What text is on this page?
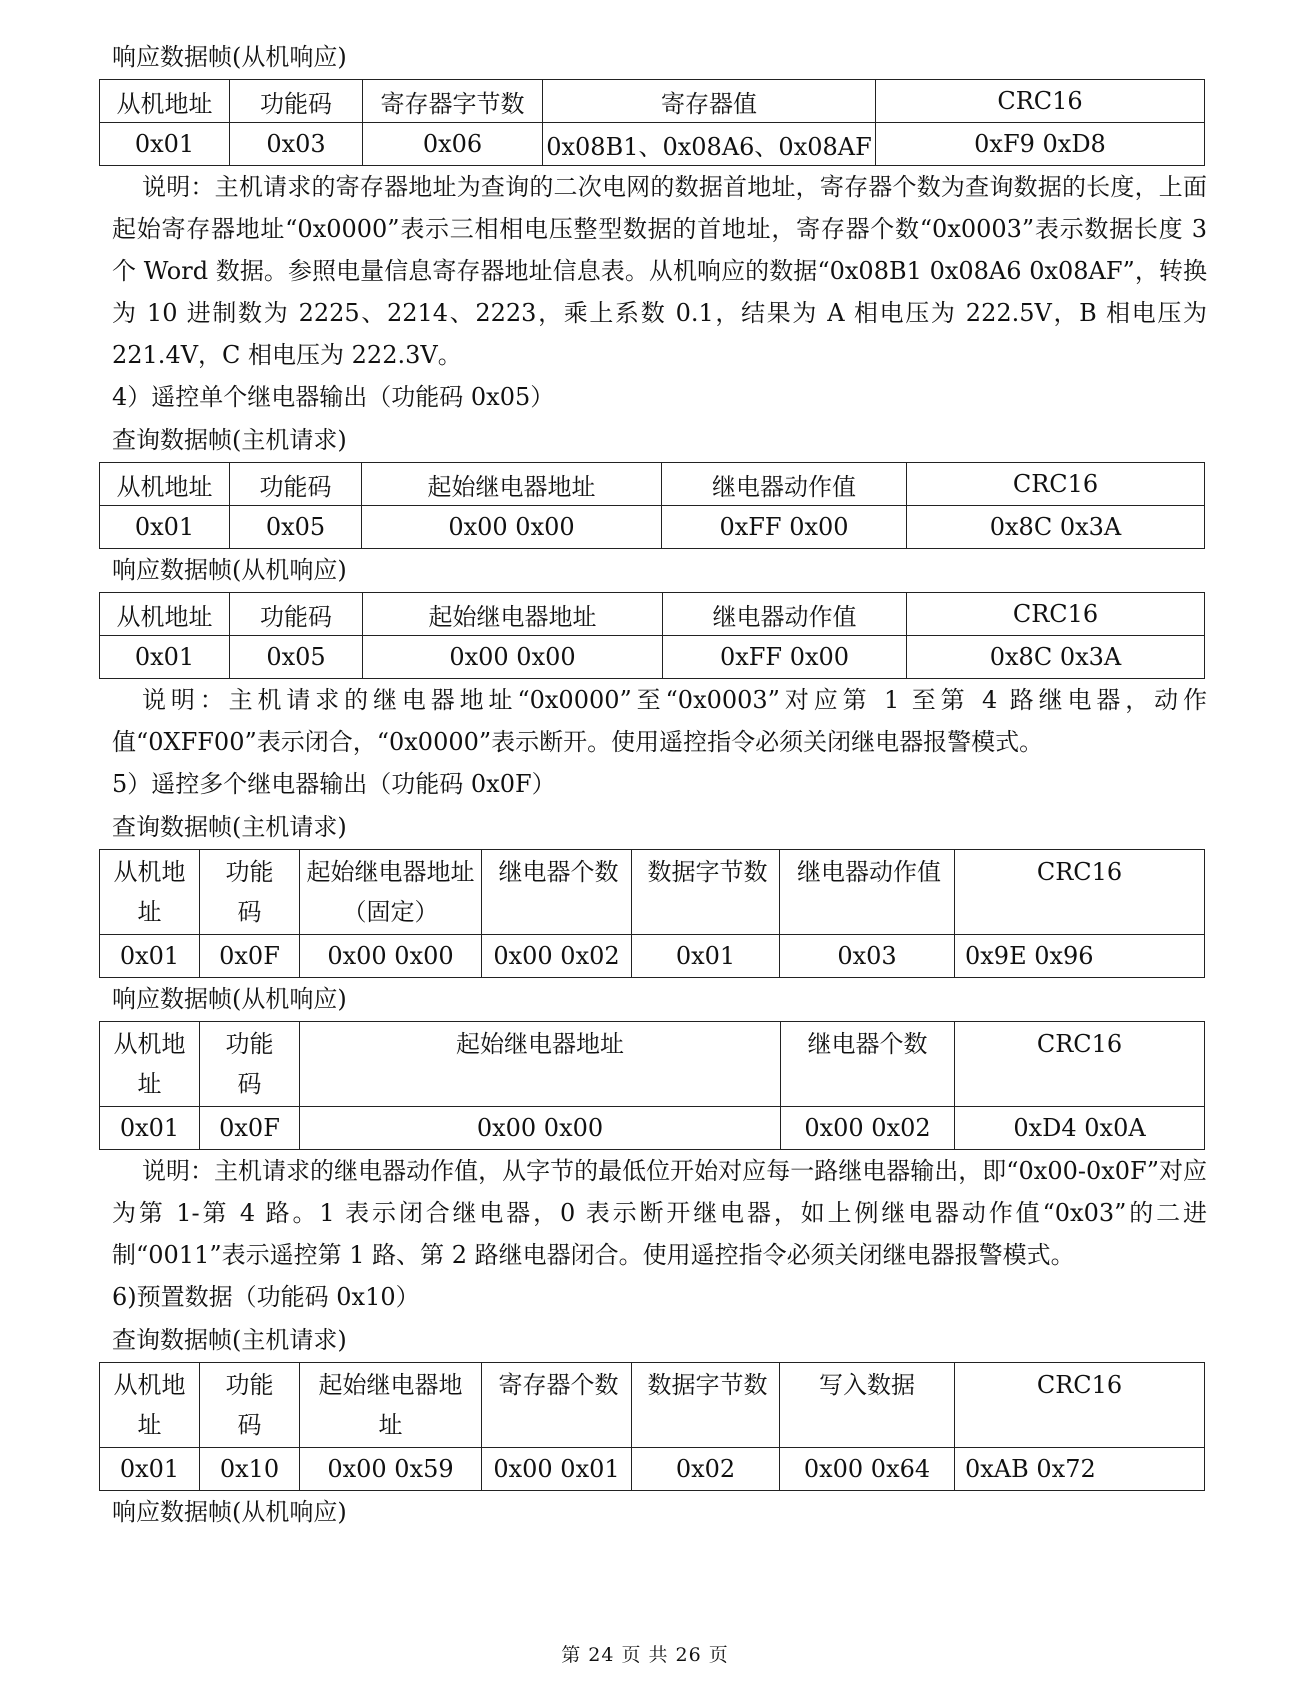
响应数据帧(从机响应)
从机地址	功能码	寄存器字节数	寄存器值	CRC16
0x01	0x03	0x06	0x08B1、0x08A6、0x08AF	0xF9 0xD8

说明：主机请求的寄存器地址为查询的二次电网的数据首地址，寄存器个数为查询数据的长度，上面起始寄存器地址“0x0000”表示三相相电压整型数据的首地址，寄存器个数“0x0003”表示数据长度 3 个 Word 数据。参照电量信息寄存器地址信息表。从机响应的数据“0x08B1 0x08A6 0x08AF”，转换为 10 进制数为 2225、2214、2223，乘上系数 0.1，结果为 A 相电压为 222.5V，B 相电压为 221.4V，C 相电压为 222.3V。

4）遥控单个继电器输出（功能码 0x05）
查询数据帧(主机请求)
从机地址	功能码	起始继电器地址	继电器动作值	CRC16
0x01	0x05	0x00 0x00	0xFF 0x00	0x8C 0x3A
响应数据帧(从机响应)
从机地址	功能码	起始继电器地址	继电器动作值	CRC16
0x01	0x05	0x00 0x00	0xFF 0x00	0x8C 0x3A

说明：主机请求的继电器地址“0x0000”至“0x0003”对应第 1 至第 4 路继电器，动作值“0XFF00”表示闭合，“0x0000”表示断开。使用遥控指令必须关闭继电器报警模式。

5）遥控多个继电器输出（功能码 0x0F）
查询数据帧(主机请求)
从机地址	功能码	起始继电器地址（固定）	继电器个数	数据字节数	继电器动作值	CRC16
0x01	0x0F	0x00 0x00	0x00 0x02	0x01	0x03	0x9E 0x96
响应数据帧(从机响应)
从机地址	功能码	起始继电器地址	继电器个数	CRC16
0x01	0x0F	0x00 0x00	0x00 0x02	0xD4 0x0A

说明：主机请求的继电器动作值，从字节的最低位开始对应每一路继电器输出，即“0x00-0x0F”对应为第 1-第 4 路。1 表示闭合继电器，0 表示断开继电器，如上例继电器动作值“0x03”的二进制“0011”表示遥控第 1 路、第 2 路继电器闭合。使用遥控指令必须关闭继电器报警模式。

6)预置数据（功能码 0x10）
查询数据帧(主机请求)
从机地址	功能码	起始继电器地址	寄存器个数	数据字节数	写入数据	CRC16
0x01	0x10	0x00 0x59	0x00 0x01	0x02	0x00 0x64	0xAB 0x72
响应数据帧(从机响应)
第 24 页 共 26 页
